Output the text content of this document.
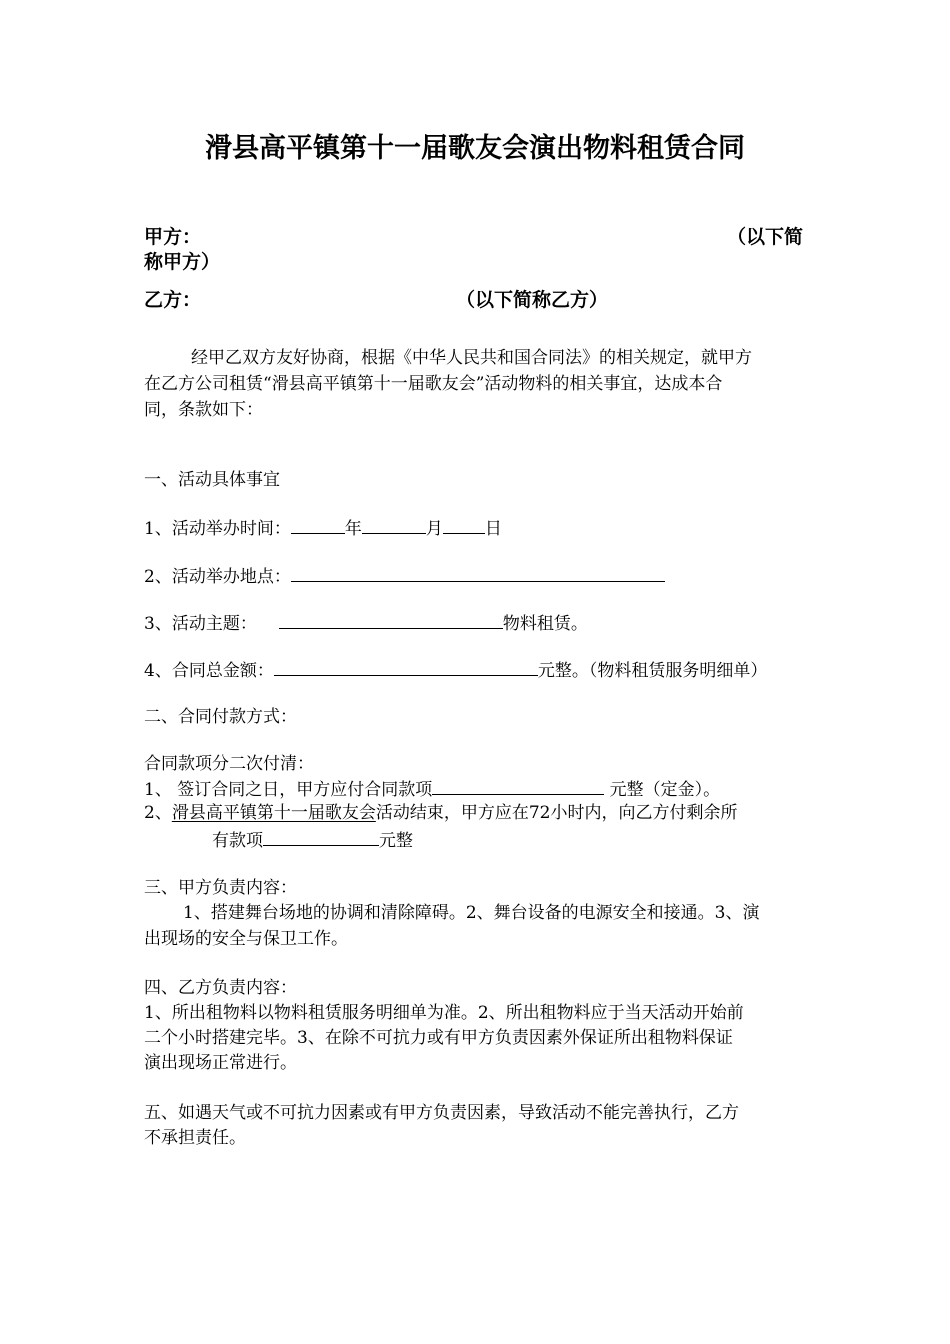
滑县高平镇第十一届歌友会演出物料租赁合同
甲方：	（以下简
称甲方）
乙方：	（以下简称乙方）
经甲乙双方友好协商，根据《中华人民共和国合同法》的相关规定，就甲方
在乙方公司租赁“滑县高平镇第十一届歌友会”活动物料的相关事宜，达成本合
同，条款如下：
一、活动具体事宜
1、活动举办时间：	年	月 日
2、活动举办地点：
3、活动主题：	物料租赁。
4、合同总金额：	元整。（物料租赁服务明细单）
二、合同付款方式：
合同款项分二次付清：
1、 签订合同之日，甲方应付合同款项	元整（定金）。
2、滑县高平镇第十一届歌友会活动结束，甲方应在72小时内，向乙方付剩余所
有款项	元整
三、甲方负责内容：
1、搭建舞台场地的协调和清除障碍。2、舞台设备的电源安全和接通。3、演
出现场的安全与保卫工作。
四、乙方负责内容：
1、所出租物料以物料租赁服务明细单为准。2、所出租物料应于当天活动开始前
二个小时搭建完毕。3、在除不可抗力或有甲方负责因素外保证所出租物料保证
演出现场正常进行。
五、如遇天气或不可抗力因素或有甲方负责因素，导致活动不能完善执行，乙方
不承担责任。
